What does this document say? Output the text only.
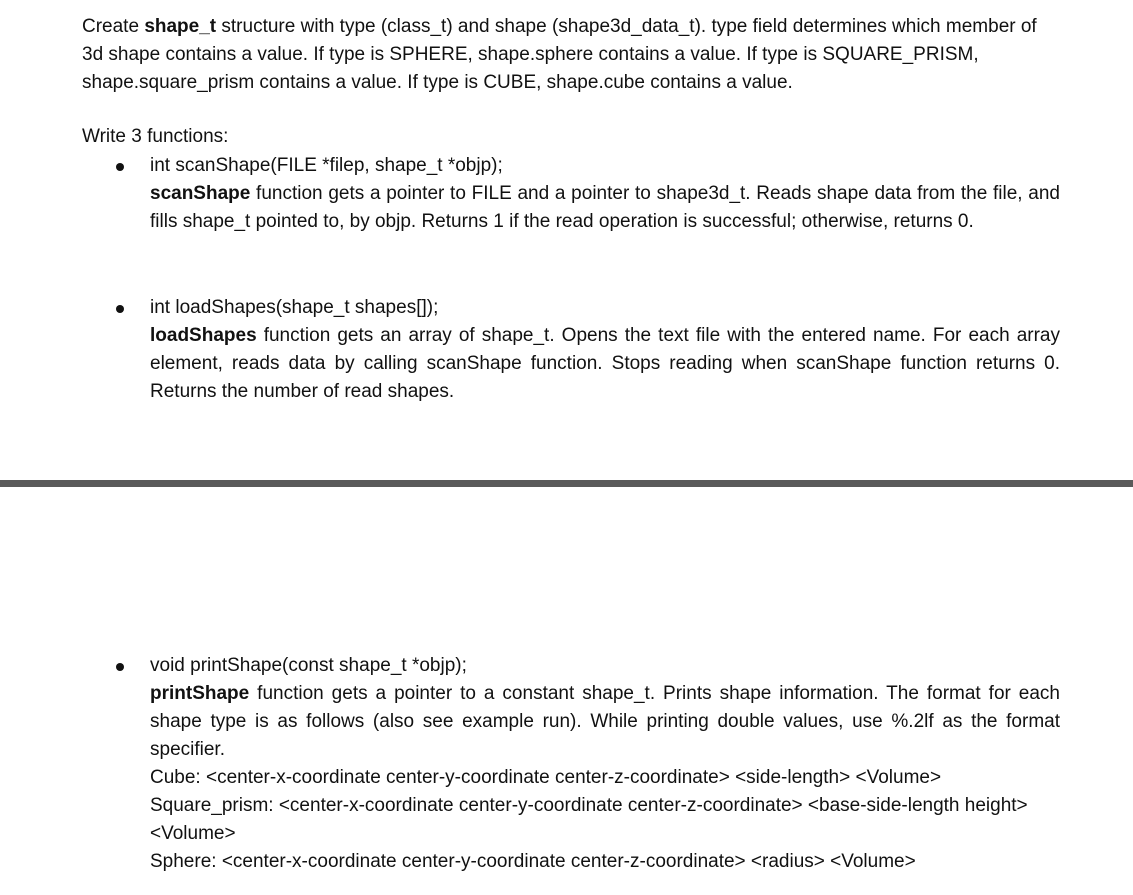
Create shape_t structure with type (class_t) and shape (shape3d_data_t). type field determines which member of 3d shape contains a value. If type is SPHERE, shape.sphere contains a value. If type is SQUARE_PRISM, shape.square_prism contains a value. If type is CUBE, shape.cube contains a value.

Write 3 functions:

int scanShape(FILE *filep, shape_t *objp);

scanShape function gets a pointer to FILE and a pointer to shape3d_t. Reads shape data from the file, and fills shape_t pointed to, by objp. Returns 1 if the read operation is successful; otherwise, returns 0.

int loadShapes(shape_t shapes[]);

loadShapes function gets an array of shape_t. Opens the text file with the entered name. For each array element, reads data by calling scanShape function. Stops reading when scanShape function returns 0. Returns the number of read shapes.

void printShape(const shape_t *objp);

printShape function gets a pointer to a constant shape_t. Prints shape information. The format for each shape type is as follows (also see example run). While printing double values, use %.2lf as the format specifier.

Cube: <center-x-coordinate center-y-coordinate center-z-coordinate> <side-length> <Volume>

Square_prism: <center-x-coordinate center-y-coordinate center-z-coordinate> <base-side-length height> <Volume>

Sphere: <center-x-coordinate center-y-coordinate center-z-coordinate> <radius> <Volume>
